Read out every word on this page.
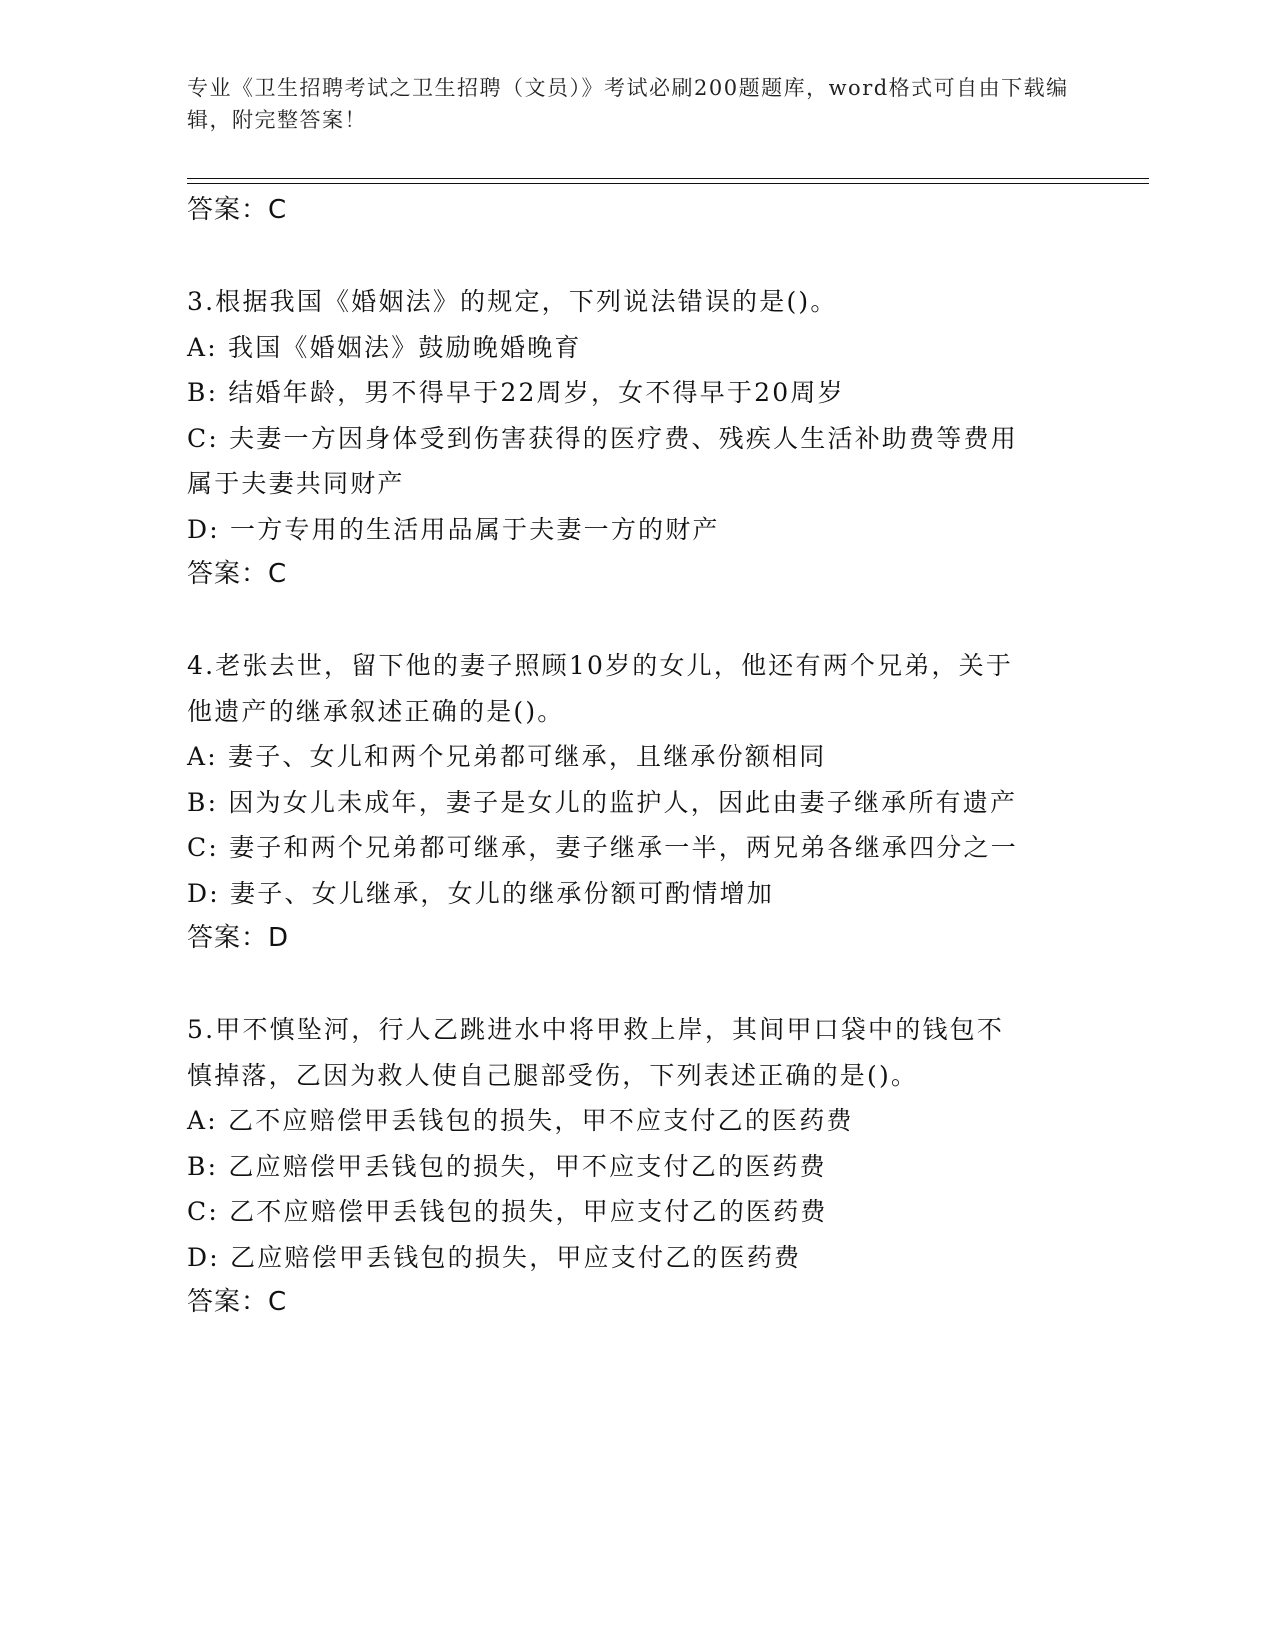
专业《卫生招聘考试之卫生招聘（文员）》考试必刷200题题库，word格式可自由下载编辑，附完整答案！
答案：C
3.根据我国《婚姻法》的规定，下列说法错误的是()。
A: 我国《婚姻法》鼓励晚婚晚育
B: 结婚年龄，男不得早于22周岁，女不得早于20周岁
C: 夫妻一方因身体受到伤害获得的医疗费、残疾人生活补助费等费用
属于夫妻共同财产
D: 一方专用的生活用品属于夫妻一方的财产
答案：C
4.老张去世，留下他的妻子照顾10岁的女儿，他还有两个兄弟，关于
他遗产的继承叙述正确的是()。
A: 妻子、女儿和两个兄弟都可继承，且继承份额相同
B: 因为女儿未成年，妻子是女儿的监护人，因此由妻子继承所有遗产
C: 妻子和两个兄弟都可继承，妻子继承一半，两兄弟各继承四分之一
D: 妻子、女儿继承，女儿的继承份额可酌情增加
答案：D
5.甲不慎坠河，行人乙跳进水中将甲救上岸，其间甲口袋中的钱包不
慎掉落，乙因为救人使自己腿部受伤，下列表述正确的是()。
A: 乙不应赔偿甲丢钱包的损失，甲不应支付乙的医药费
B: 乙应赔偿甲丢钱包的损失，甲不应支付乙的医药费
C: 乙不应赔偿甲丢钱包的损失，甲应支付乙的医药费
D: 乙应赔偿甲丢钱包的损失，甲应支付乙的医药费
答案：C
